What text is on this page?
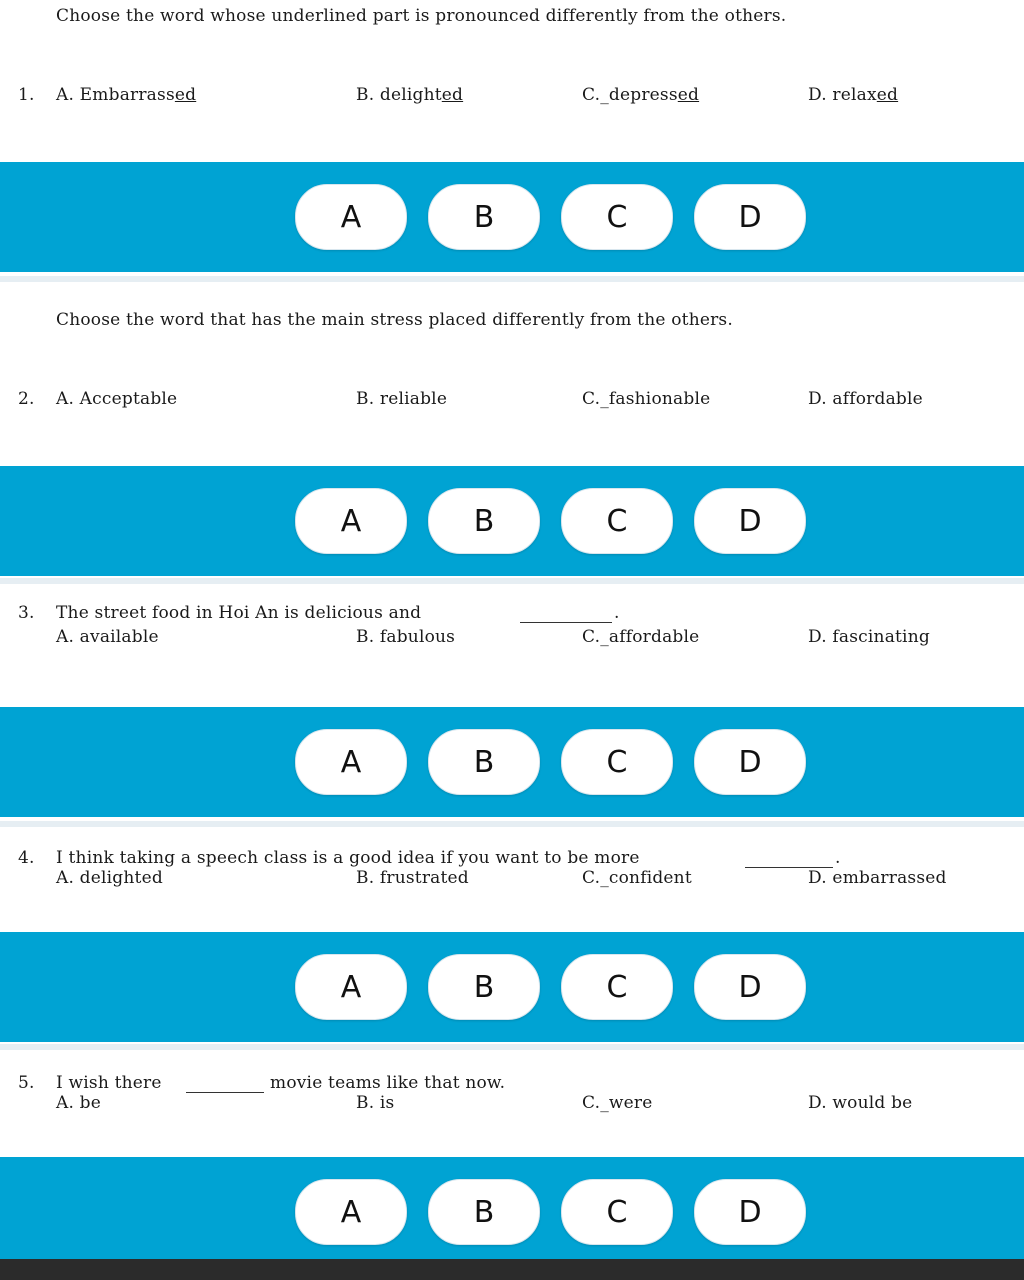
Choose the word whose underlined part is pronounced differently from the others.
1. A. Embarrassed	B. delighted	C._depressed	D. relaxed
A	B	C	D
Choose the word that has the main stress placed differently from the others.
2. A. Acceptable	B. reliable	C._fashionable	D. affordable
A	B	C	D
3. The street food in Hoi An is delicious and	.
A. available	B. fabulous	C._affordable	D. fascinating
A	B	C	D
4. I think taking a speech class is a good idea if you want to be more	.
A. delighted	B. frustrated	C._confident	D. embarrassed
A	B	C	D
5. I wish there	movie teams like that now.
A. be	B. is	C._were	D. would be
A	B	C	D
